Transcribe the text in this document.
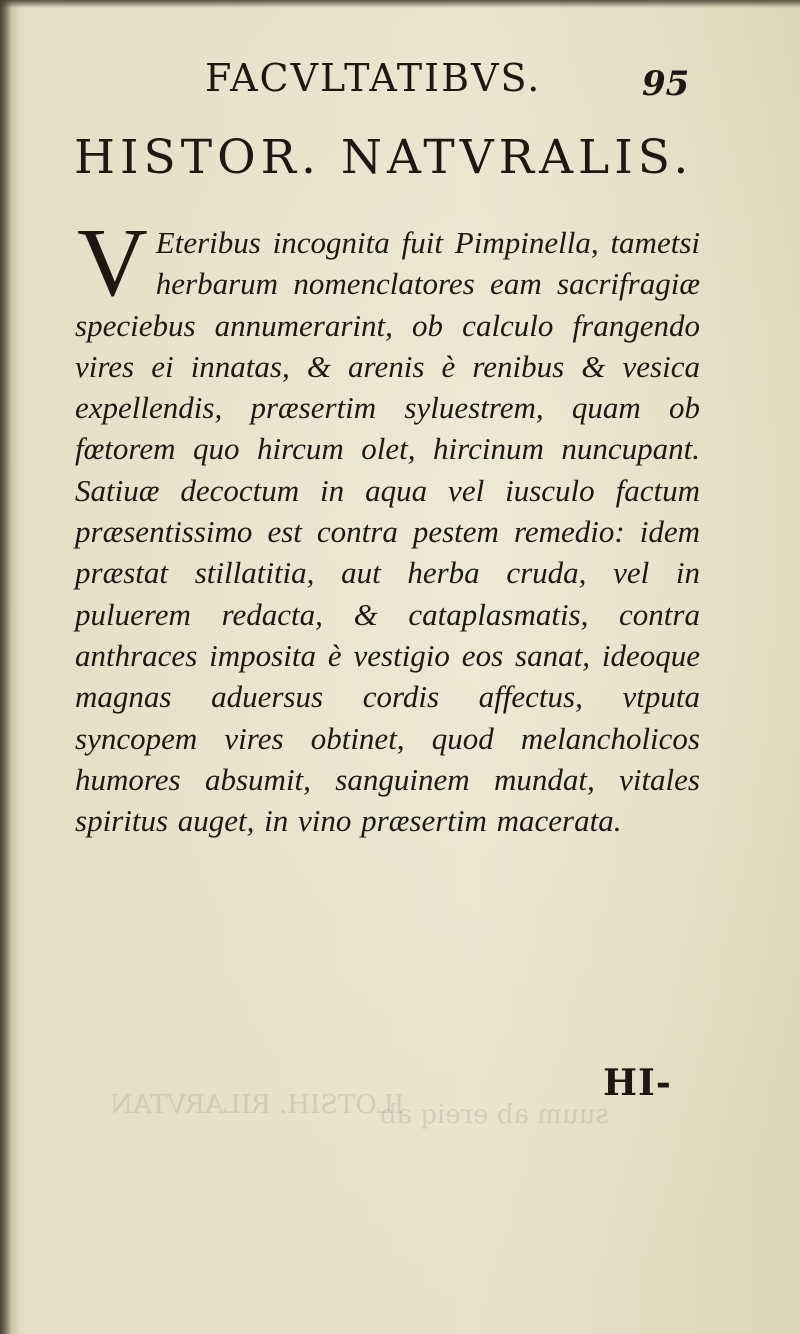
ILOTSIH. RILARVTAN
suum ab ereiq ab
FACVLTATIBVS.	95
HISTOR. NATVRALIS.
V Eteribus incognita fuit Pimpinella, tametsi herbarum nomenclatores eam sacrifragiæ speciebus annumerarint, ob calculo frangendo vires ei innatas, & arenis è renibus & vesica expellendis, præsertim syluestrem, quam ob fœtorem quo hircum olet, hircinum nuncupant. Satiuæ decoctum in aqua vel iusculo factum præsentissimo est contra pestem remedio: idem præstat stillatitia, aut herba cruda, vel in puluerem redacta, & cataplasmatis, contra anthraces imposita è vestigio eos sanat, ideoque magnas aduersus cordis affectus, vtputa syncopem vires obtinet, quod melancholicos humores absumit, sanguinem mundat, vitales spiritus auget, in vino præsertim macerata.
HI-
